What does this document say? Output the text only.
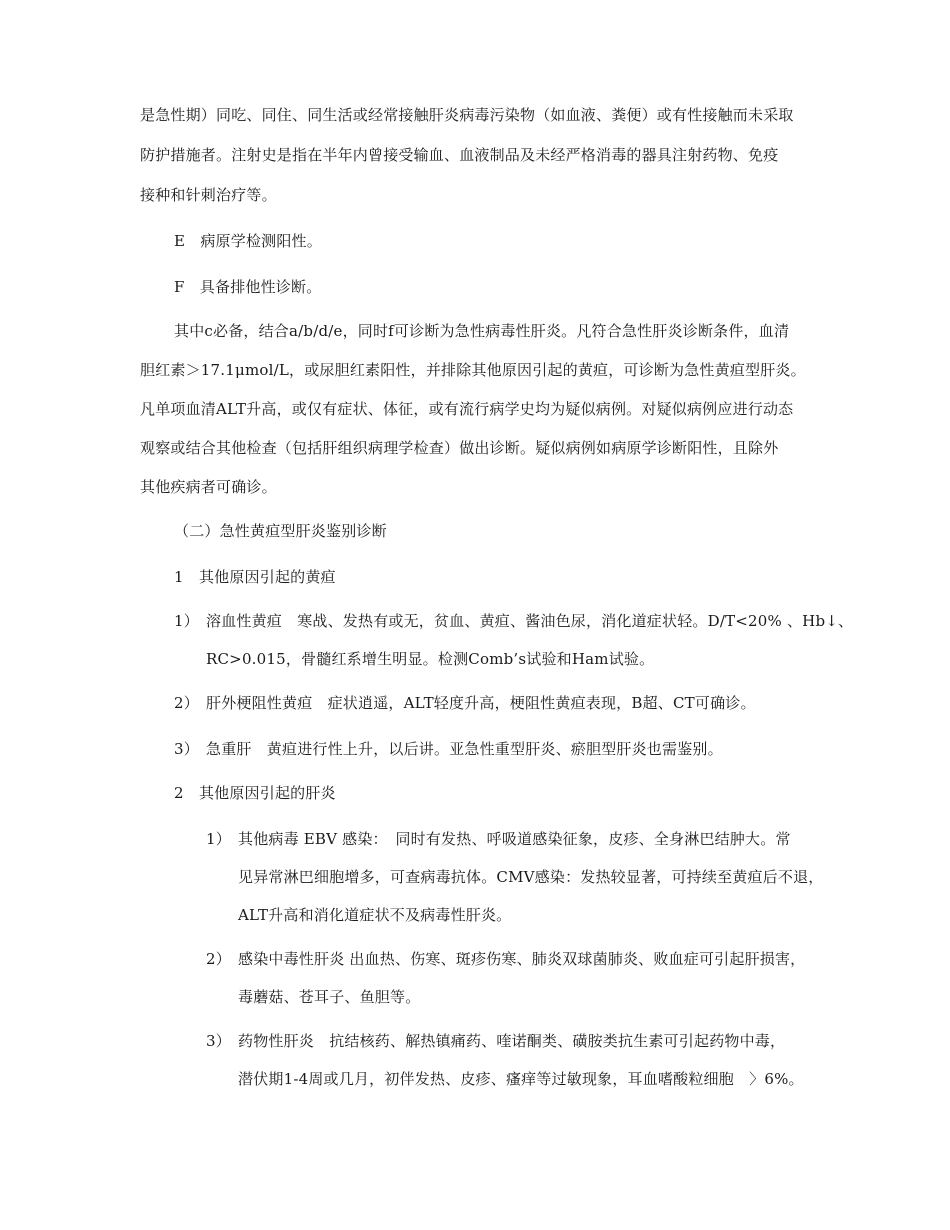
是急性期）同吃、同住、同生活或经常接触肝炎病毒污染物（如血液、粪便）或有性接触而未采取
防护措施者。注射史是指在半年内曾接受输血、血液制品及未经严格消毒的器具注射药物、免疫
接种和针刺治疗等。
E　病原学检测阳性。
F　具备排他性诊断。
其中c必备，结合a/b/d/e，同时f可诊断为急性病毒性肝炎。凡符合急性肝炎诊断条件，血清
胆红素＞17.1μmol/L，或尿胆红素阳性，并排除其他原因引起的黄疸，可诊断为急性黄疸型肝炎。
凡单项血清ALT升高，或仅有症状、体征，或有流行病学史均为疑似病例。对疑似病例应进行动态
观察或结合其他检查（包括肝组织病理学检查）做出诊断。疑似病例如病原学诊断阳性，且除外
其他疾病者可确诊。
（二）急性黄疸型肝炎鉴别诊断
1　其他原因引起的黄疸
1） 溶血性黄疸　寒战、发热有或无，贫血、黄疸、酱油色尿，消化道症状轻。D/T<20% 、Hb↓、
RC>0.015，骨髓红系增生明显。检测Comb’s试验和Ham试验。
2） 肝外梗阻性黄疸　症状逍遥，ALT轻度升高，梗阻性黄疸表现，B超、CT可确诊。
3） 急重肝　黄疸进行性上升，以后讲。亚急性重型肝炎、瘀胆型肝炎也需鉴别。
2　其他原因引起的肝炎
1） 其他病毒 EBV 感染：　同时有发热、呼吸道感染征象，皮疹、全身淋巴结肿大。常
见异常淋巴细胞增多，可查病毒抗体。CMV感染：发热较显著，可持续至黄疸后不退，
ALT升高和消化道症状不及病毒性肝炎。
2） 感染中毒性肝炎 出血热、伤寒、斑疹伤寒、肺炎双球菌肺炎、败血症可引起肝损害，
毒蘑菇、苍耳子、鱼胆等。
3） 药物性肝炎　抗结核药、解热镇痛药、喹诺酮类、磺胺类抗生素可引起药物中毒，
潜伏期1-4周或几月，初伴发热、皮疹、瘙痒等过敏现象，耳血嗜酸粒细胞　〉6%。
